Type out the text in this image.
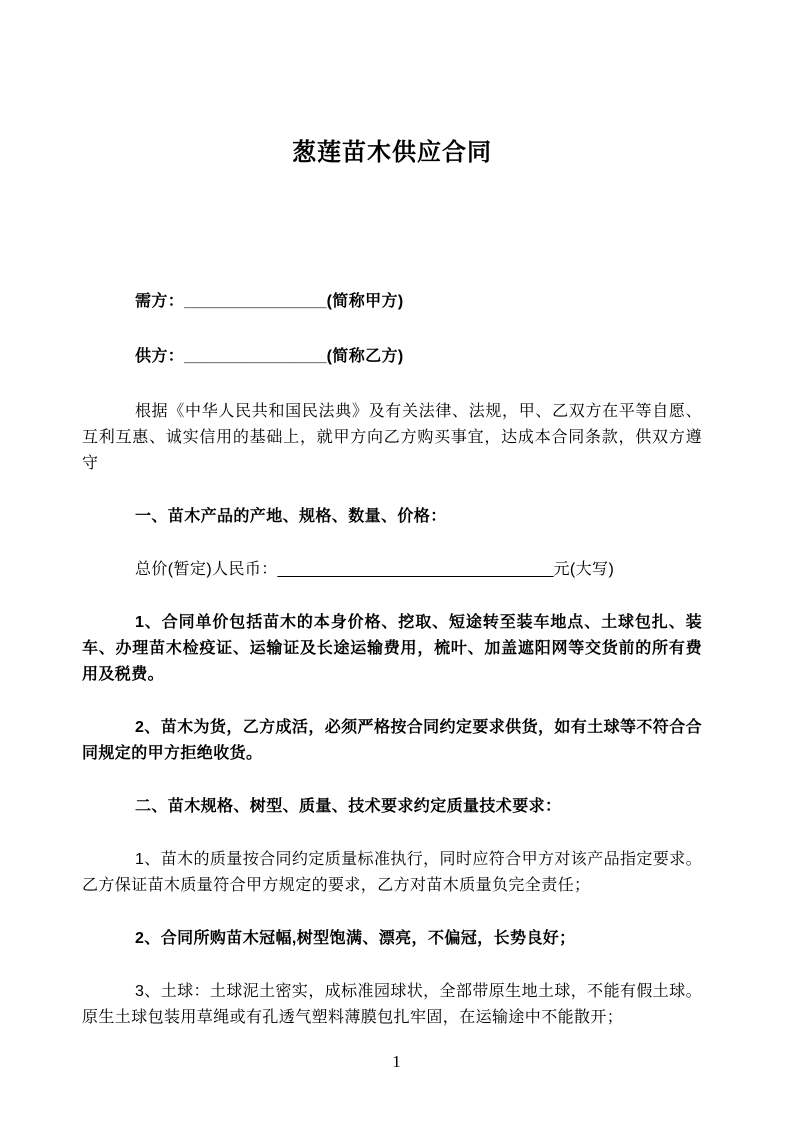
葱莲苗木供应合同

需方：________________(简称甲方)

供方：________________(简称乙方)

根据《中华人民共和国民法典》及有关法律、法规，甲、乙双方在平等自愿、互利互惠、诚实信用的基础上，就甲方向乙方购买事宜，达成本合同条款，供双方遵守

一、苗木产品的产地、规格、数量、价格：

总价(暂定)人民币：_______________________________元(大写)

1、合同单价包括苗木的本身价格、挖取、短途转至装车地点、土球包扎、装车、办理苗木检疫证、运输证及长途运输费用，梳叶、加盖遮阳网等交货前的所有费用及税费。

2、苗木为货，乙方成活，必须严格按合同约定要求供货，如有土球等不符合合同规定的甲方拒绝收货。

二、苗木规格、树型、质量、技术要求约定质量技术要求：

1、苗木的质量按合同约定质量标准执行，同时应符合甲方对该产品指定要求。乙方保证苗木质量符合甲方规定的要求，乙方对苗木质量负完全责任；

2、合同所购苗木冠幅,树型饱满、漂亮，不偏冠，长势良好；

3、土球：土球泥土密实，成标准园球状，全部带原生地土球，不能有假土球。原生土球包装用草绳或有孔透气塑料薄膜包扎牢固，在运输途中不能散开；

1
